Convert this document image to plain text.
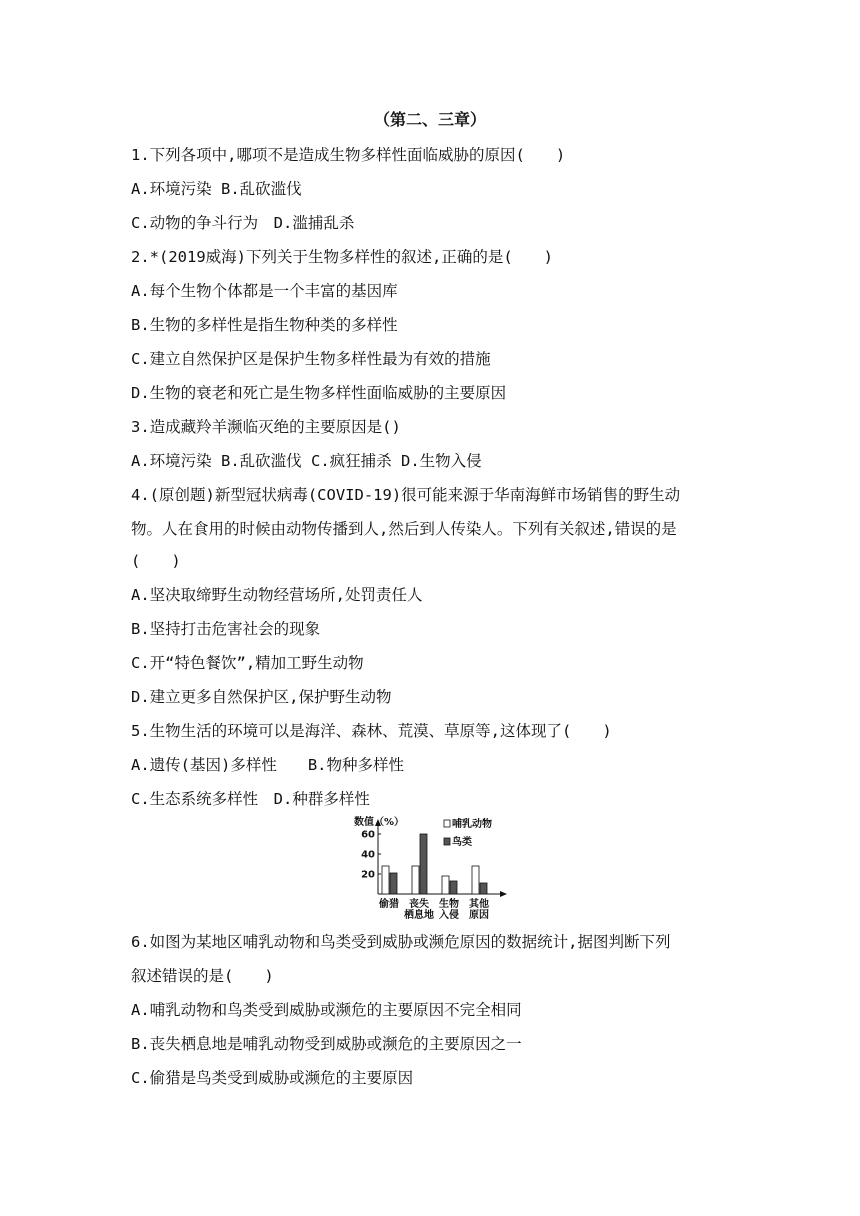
（第二、三章）
1.下列各项中,哪项不是造成生物多样性面临威胁的原因(　　)
A.环境污染 B.乱砍滥伐
C.动物的争斗行为　D.滥捕乱杀
2.*(2019威海)下列关于生物多样性的叙述,正确的是(　　)
A.每个生物个体都是一个丰富的基因库
B.生物的多样性是指生物种类的多样性
C.建立自然保护区是保护生物多样性最为有效的措施
D.生物的衰老和死亡是生物多样性面临威胁的主要原因
3.造成藏羚羊濒临灭绝的主要原因是()
A.环境污染 B.乱砍滥伐 C.疯狂捕杀 D.生物入侵
4.(原创题)新型冠状病毒(COVID-19)很可能来源于华南海鲜市场销售的野生动
物。人在食用的时候由动物传播到人,然后到人传染人。下列有关叙述,错误的是
(　　)
A.坚决取缔野生动物经营场所,处罚责任人
B.坚持打击危害社会的现象
C.开“特色餐饮”,精加工野生动物
D.建立更多自然保护区,保护野生动物
5.生物生活的环境可以是海洋、森林、荒漠、草原等,这体现了(　　)
A.遗传(基因)多样性　　B.物种多样性
C.生态系统多样性　D.种群多样性
数值（%）
20
40
60
偷猎 丧失
栖息地
生物
入侵
其他
原因
哺乳动物
鸟类
6.如图为某地区哺乳动物和鸟类受到威胁或濒危原因的数据统计,据图判断下列
叙述错误的是(　　)
A.哺乳动物和鸟类受到威胁或濒危的主要原因不完全相同
B.丧失栖息地是哺乳动物受到威胁或濒危的主要原因之一
C.偷猎是鸟类受到威胁或濒危的主要原因
